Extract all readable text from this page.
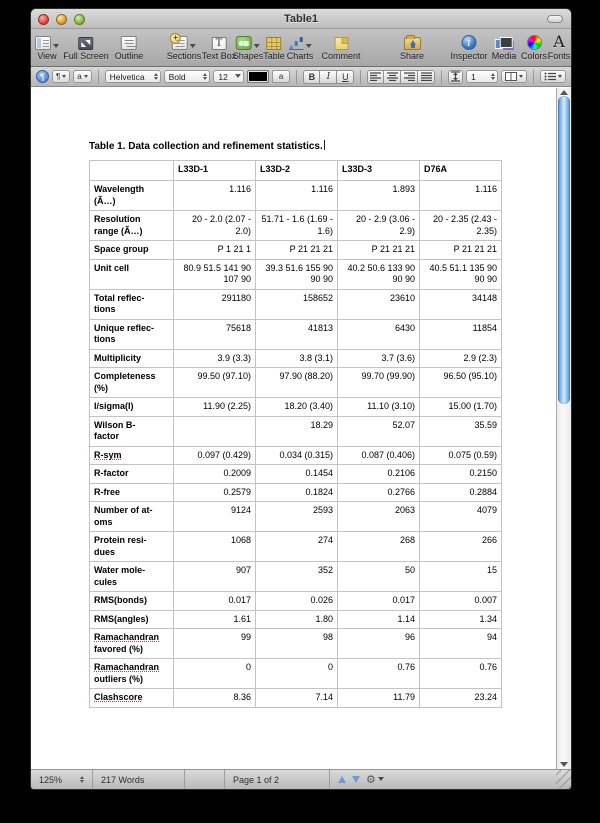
Table1
View Full Screen Outline
+	Sections
T
Text Box
Shapes Table Charts Comment	Share
i
Inspector Media Colors
A
Fonts
¶	¶ a	Helvetica	Bold	12	a	B	I	U	1
Table 1. Data collection and refinement statistics.
	L33D-1	L33D-2	L33D-3	D76A
Wavelength
(Ã…)	1.116	1.116	1.893	1.116
Resolution
range (Ã…)	20 - 2.0 (2.07 - 2.0)	51.71 - 1.6 (1.69 - 1.6)	20 - 2.9 (3.06 - 2.9)	20 - 2.35 (2.43 - 2.35)
Space group	P 1 21 1	P 21 21 21	P 21 21 21	P 21 21 21
Unit cell	80.9 51.5 141 90 107 90	39.3 51.6 155 90 90 90	40.2 50.6 133 90 90 90	40.5 51.1 135 90 90 90
Total reflec-
tions	291180	158652	23610	34148
Unique reflec-
tions	75618	41813	6430	11854
Multiplicity	3.9 (3.3)	3.8 (3.1)	3.7 (3.6)	2.9 (2.3)
Completeness
(%)	99.50 (97.10)	97.90 (88.20)	99.70 (99.90)	96.50 (95.10)
I/sigma(I)	11.90 (2.25)	18.20 (3.40)	11.10 (3.10)	15.00 (1.70)
Wilson B-
factor		18.29	52.07	35.59
R-sym	0.097 (0.429)	0.034 (0.315)	0.087 (0.406)	0.075 (0.59)
R-factor	0.2009	0.1454	0.2106	0.2150
R-free	0.2579	0.1824	0.2766	0.2884
Number of at-
oms	9124	2593	2063	4079
Protein resi-
dues	1068	274	268	266
Water mole-
cules	907	352	50	15
RMS(bonds)	0.017	0.026	0.017	0.007
RMS(angles)	1.61	1.80	1.14	1.34
Ramachandran
favored (%)	99	98	96	94
Ramachandran
outliers (%)	0	0	0.76	0.76
Clashscore	8.36	7.14	11.79	23.24
125%	217 Words	Page 1 of 2	⚙
